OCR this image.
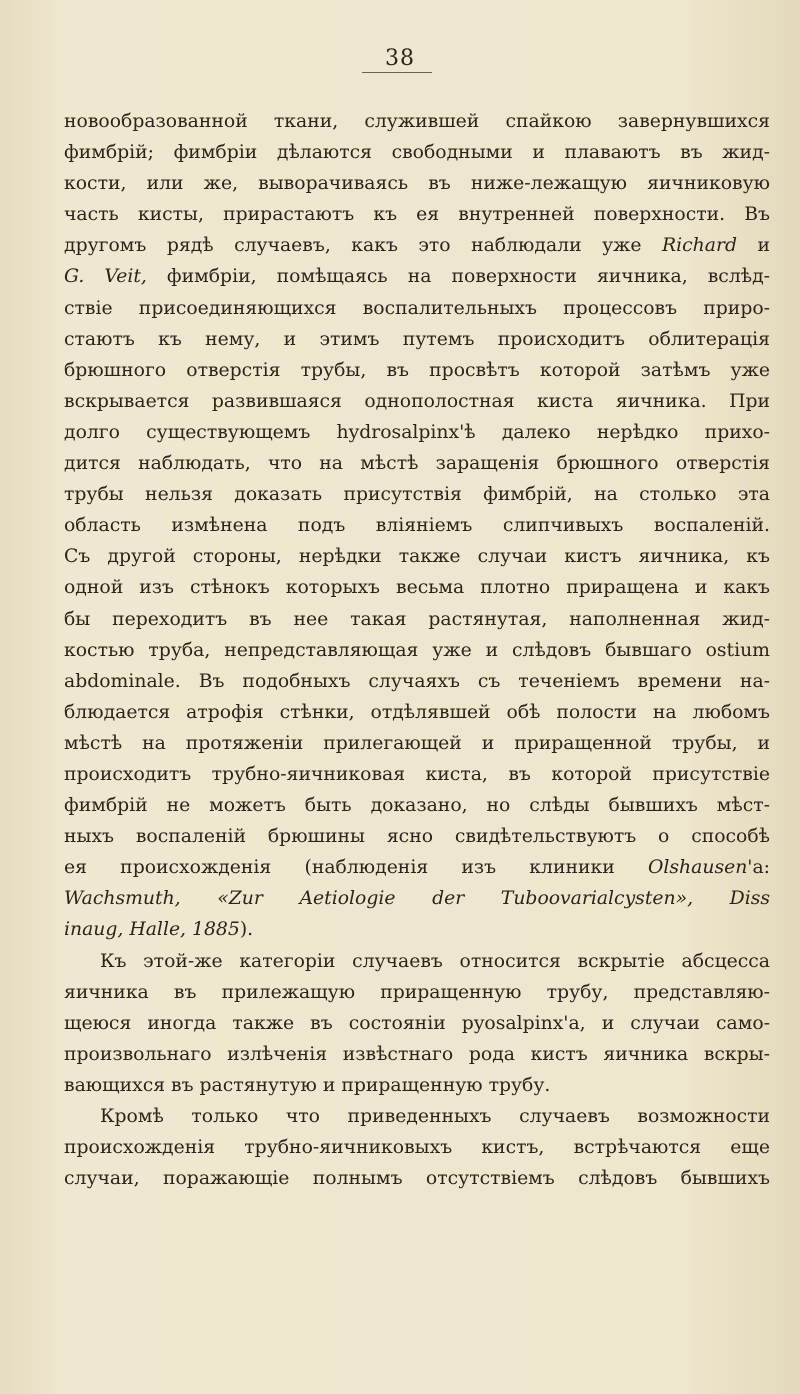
38
новообразованной ткани, служившей спайкою завернувшихся
фимбрій; фимбріи дѣлаются свободными и плаваютъ въ жид-
кости, или же, выворачиваясь въ ниже-лежащую яичниковую
часть кисты, прирастаютъ къ ея внутренней поверхности. Въ
другомъ рядѣ случаевъ, какъ это наблюдали уже Richard и
G. Veit, фимбріи, помѣщаясь на поверхности яичника, вслѣд-
ствіе присоединяющихся воспалительныхъ процессовъ приро-
стаютъ къ нему, и этимъ путемъ происходитъ облитерація
брюшного отверстія трубы, въ просвѣтъ которой затѣмъ уже
вскрывается развившаяся однополостная киста яичника. При
долго существующемъ hydrosalpinx'ѣ далеко нерѣдко прихо-
дится наблюдать, что на мѣстѣ заращенія брюшного отверстія
трубы нельзя доказать присутствія фимбрій, на столько эта
область измѣнена подъ вліяніемъ слипчивыхъ воспаленій.
Съ другой стороны, нерѣдки также случаи кистъ яичника, къ
одной изъ стѣнокъ которыхъ весьма плотно приращена и какъ
бы переходитъ въ нее такая растянутая, наполненная жид-
костью труба, непредставляющая уже и слѣдовъ бывшаго ostium
abdominale. Въ подобныхъ случаяхъ съ теченіемъ времени на-
блюдается атрофія стѣнки, отдѣлявшей обѣ полости на любомъ
мѣстѣ на протяженіи прилегающей и приращенной трубы, и
происходитъ трубно-яичниковая киста, въ которой присутствіе
фимбрій не можетъ быть доказано, но слѣды бывшихъ мѣст-
ныхъ воспаленій брюшины ясно свидѣтельствуютъ о способѣ
ея происхожденія (наблюденія изъ клиники Olshausen'а:
Wachsmuth, «Zur Aetiologie der Tuboovarialcysten», Diss
inaug, Halle, 1885).
Къ этой-же категоріи случаевъ относится вскрытіе абсцесса
яичника въ прилежащую приращенную трубу, представляю-
щеюся иногда также въ состояніи pyosalpinx'а, и случаи само-
произвольнаго излѣченія извѣстнаго рода кистъ яичника вскры-
вающихся въ растянутую и приращенную трубу.
Кромѣ только что приведенныхъ случаевъ возможности
происхожденія трубно-яичниковыхъ кистъ, встрѣчаются еще
случаи, поражающіе полнымъ отсутствіемъ слѣдовъ бывшихъ
